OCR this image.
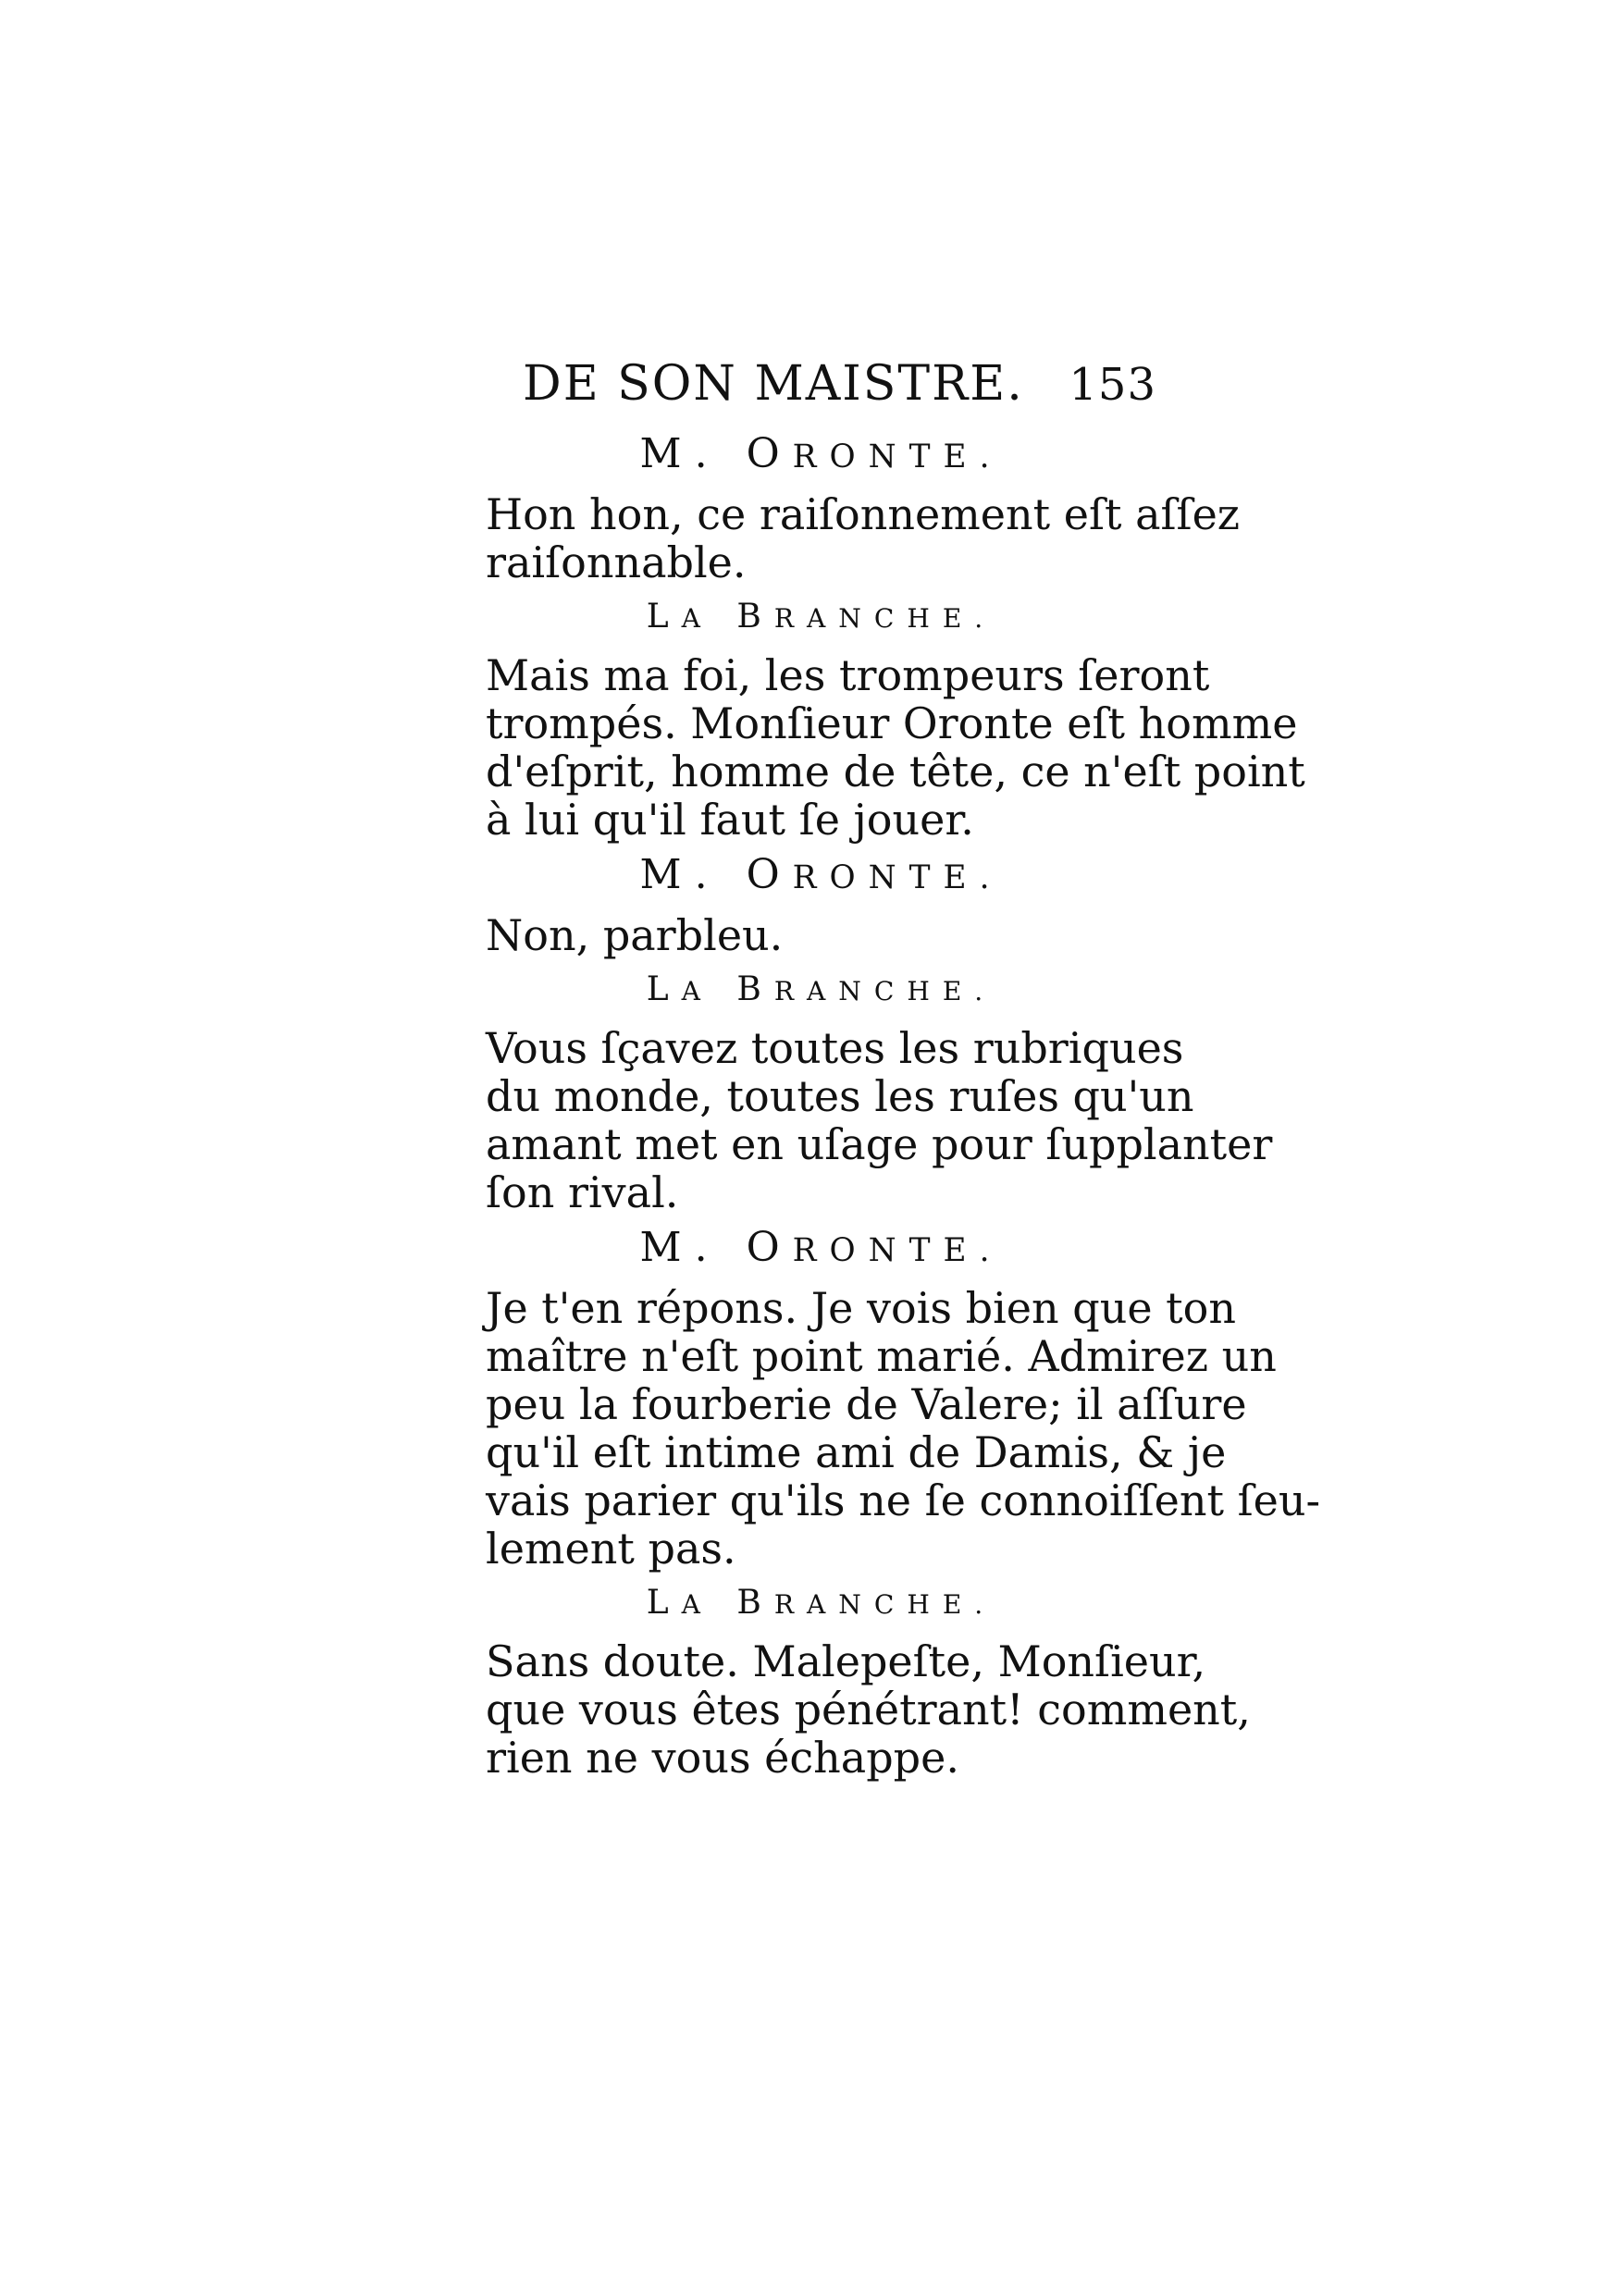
DE SON MAISTRE. 153
M. ORONTE.
Hon hon, ce raiſonnement eſt aſſez
raiſonnable.
LA BRANCHE.
Mais ma foi, les trompeurs ſeront
trompés. Monſieur Oronte eſt homme
d'eſprit, homme de tête, ce n'eſt point
à lui qu'il faut ſe jouer.
M. ORONTE.
Non, parbleu.
LA BRANCHE.
Vous ſçavez toutes les rubriques
du monde, toutes les ruſes qu'un
amant met en uſage pour ſupplanter
ſon rival.
M. ORONTE.
Je t'en répons. Je vois bien que ton
maître n'eſt point marié. Admirez un
peu la fourberie de Valere; il aſſure
qu'il eſt intime ami de Damis, & je
vais parier qu'ils ne ſe connoiſſent ſeu-
lement pas.
LA BRANCHE.
Sans doute. Malepeſte, Monſieur,
que vous êtes pénétrant! comment,
rien ne vous échappe.
